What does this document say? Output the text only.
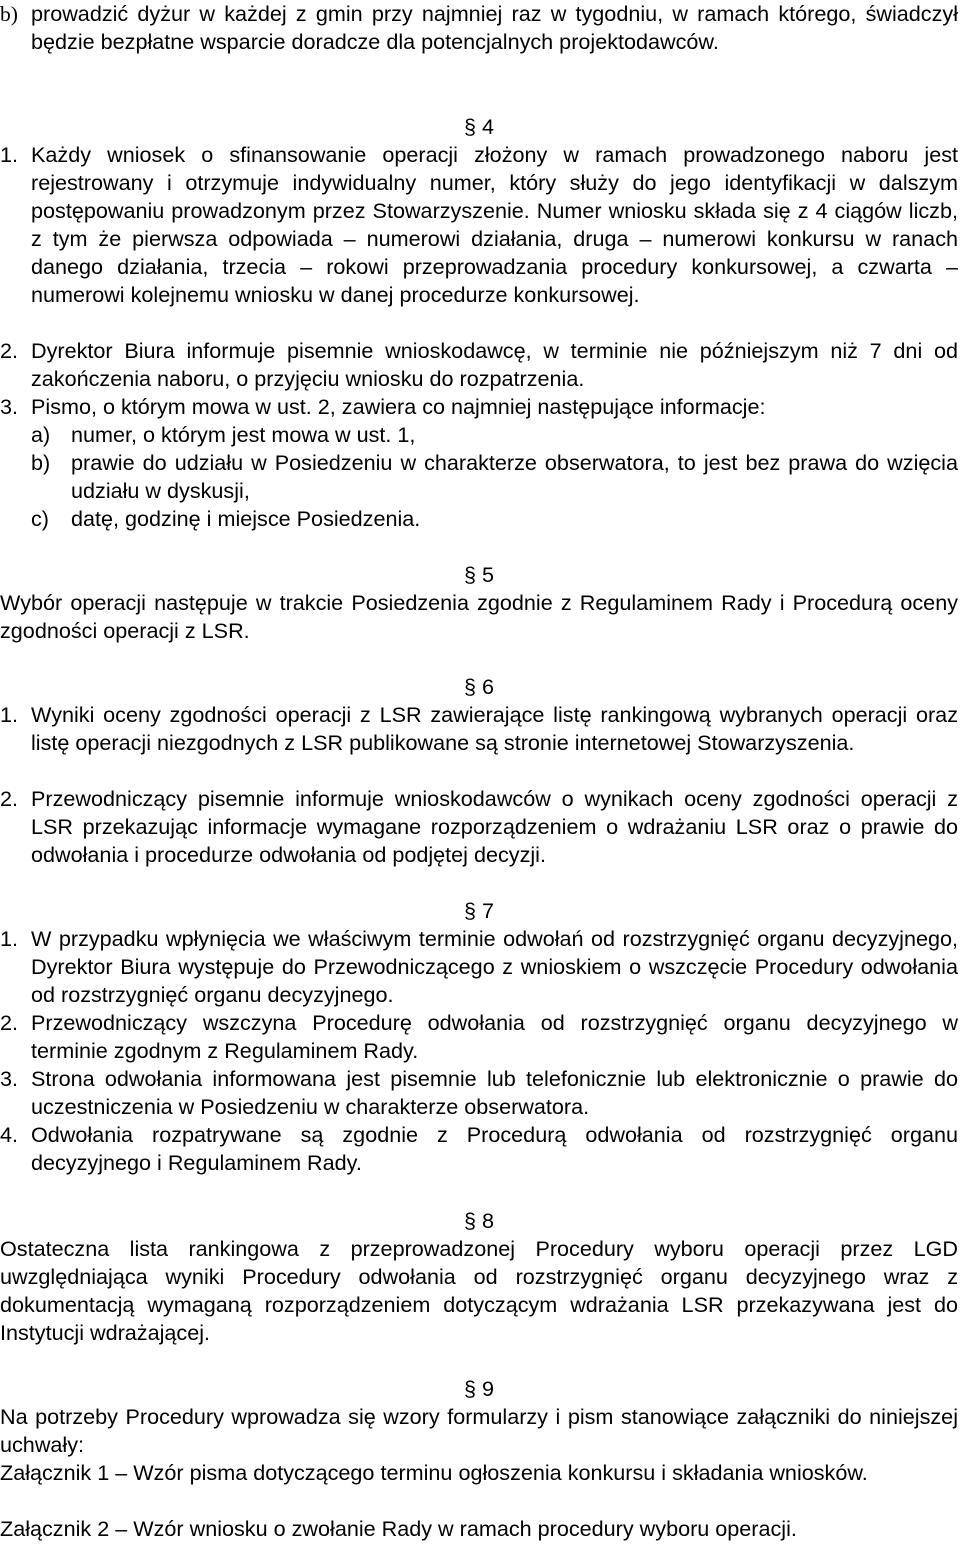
b) prowadzić dyżur w każdej z gmin przy najmniej raz w tygodniu, w ramach którego, świadczył będzie bezpłatne wsparcie doradcze dla potencjalnych projektodawców.
§ 4
1. Każdy wniosek o sfinansowanie operacji złożony w ramach prowadzonego naboru jest rejestrowany i otrzymuje indywidualny numer, który służy do jego identyfikacji w dalszym postępowaniu prowadzonym przez Stowarzyszenie. Numer wniosku składa się z 4 ciągów liczb, z tym że pierwsza odpowiada – numerowi działania, druga – numerowi konkursu w ranach danego działania, trzecia – rokowi przeprowadzania procedury konkursowej, a czwarta – numerowi kolejnemu wniosku w danej procedurze konkursowej.
2. Dyrektor Biura informuje pisemnie wnioskodawcę, w terminie nie późniejszym niż 7 dni od zakończenia naboru, o przyjęciu wniosku do rozpatrzenia.
3. Pismo, o którym mowa w ust. 2, zawiera co najmniej następujące informacje:
a) numer, o którym jest mowa w ust. 1,
b) prawie do udziału w Posiedzeniu w charakterze obserwatora, to jest bez prawa do wzięcia udziału w dyskusji,
c)	datę, godzinę i miejsce Posiedzenia.
§ 5

Wybór operacji następuje w trakcie Posiedzenia zgodnie z Regulaminem Rady i Procedurą oceny zgodności operacji z LSR.

§ 6
1. Wyniki oceny zgodności operacji z LSR zawierające listę rankingową wybranych operacji oraz listę operacji niezgodnych z LSR publikowane są stronie internetowej Stowarzyszenia.
2. Przewodniczący pisemnie informuje wnioskodawców o wynikach oceny zgodności operacji z LSR przekazując informacje wymagane rozporządzeniem o wdrażaniu LSR oraz o prawie do odwołania i procedurze odwołania od podjętej decyzji.
§ 7
1. W przypadku wpłynięcia we właściwym terminie odwołań od rozstrzygnięć organu decyzyjnego, Dyrektor Biura występuje do Przewodniczącego z wnioskiem o wszczęcie Procedury odwołania od rozstrzygnięć organu decyzyjnego.
2. Przewodniczący wszczyna Procedurę odwołania od rozstrzygnięć organu decyzyjnego w terminie zgodnym z Regulaminem Rady.
3. Strona odwołania informowana jest pisemnie lub telefonicznie lub elektronicznie o prawie do uczestniczenia w Posiedzeniu w charakterze obserwatora.
4. Odwołania rozpatrywane są zgodnie z Procedurą odwołania od rozstrzygnięć organu decyzyjnego i Regulaminem Rady.
§ 8

Ostateczna lista rankingowa z przeprowadzonej Procedury wyboru operacji przez LGD uwzględniająca wyniki Procedury odwołania od rozstrzygnięć organu decyzyjnego wraz z dokumentacją wymaganą rozporządzeniem dotyczącym wdrażania LSR przekazywana jest do Instytucji wdrażającej.

§ 9

Na potrzeby Procedury wprowadza się wzory formularzy i pism stanowiące załączniki do niniejszej uchwały:

Załącznik 1 – Wzór pisma dotyczącego terminu ogłoszenia konkursu i składania wniosków.

Załącznik 2 – Wzór wniosku o zwołanie Rady w ramach procedury wyboru operacji.
